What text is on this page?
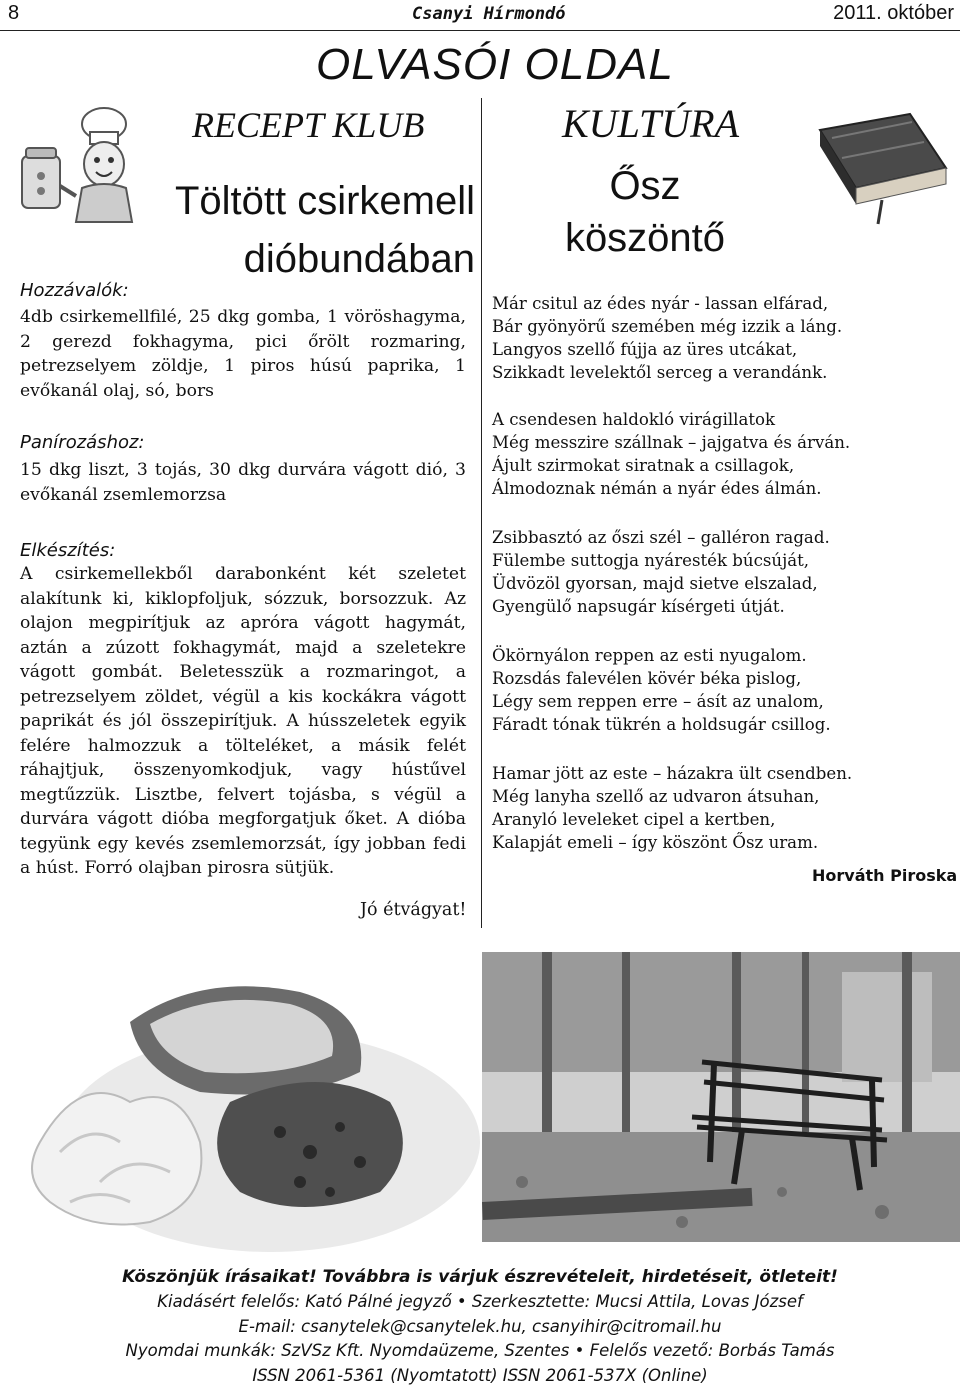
8	Csanyi Hírmondó	2011. október
OLVASÓI OLDAL
RECEPT KLUB	KULTÚRA
Töltött csirkemell
dióbundában
Ősz
köszöntő
Hozzávalók:
4db csirkemellfilé, 25 dkg gomba, 1 vöröshagyma, 2 gerezd fokhagyma, pici őrölt rozmaring, petrezselyem zöldje, 1 piros húsú paprika, 1 evőkanál olaj, só, bors
Panírozáshoz:
15 dkg liszt, 3 tojás, 30 dkg durvára vágott dió, 3 evőkanál zsemlemorzsa
Elkészítés:
A csirkemellekből darabonként két szeletet alakítunk ki, kiklopfoljuk, sózzuk, borsozzuk. Az olajon megpirítjuk az apróra vágott hagymát, aztán a zúzott fokhagymát, majd a szeletekre vágott gombát. Beletesszük a rozmaringot, a petrezselyem zöldet, végül a kis kockákra vágott paprikát és jól összepirítjuk. A hússzeletek egyik felére halmozzuk a tölteléket, a másik felét ráhajtjuk, összenyomkodjuk, vagy hústűvel megtűzzük. Lisztbe, felvert tojásba, s végül a durvára vágott dióba megforgatjuk őket. A dióba tegyünk egy kevés zsemlemorzsát, így jobban fedi a húst. Forró olajban pirosra sütjük.
Jó étvágyat!
Már csitul az édes nyár - lassan elfárad,
Bár gyönyörű szemében még izzik a láng.
Langyos szellő fújja az üres utcákat,
Szikkadt levelektől serceg a verandánk.
A csendesen haldokló virágillatok
Még messzire szállnak – jajgatva és árván.
Ájult szirmokat siratnak a csillagok,
Álmodoznak némán a nyár édes álmán.
Zsibbasztó az őszi szél – galléron ragad.
Fülembe suttogja nyáresték búcsúját,
Üdvözöl gyorsan, majd sietve elszalad,
Gyengülő napsugár kísérgeti útját.
Ökörnyálon reppen az esti nyugalom.
Rozsdás falevélen kövér béka pislog,
Légy sem reppen erre – ásít az unalom,
Fáradt tónak tükrén a holdsugár csillog.
Hamar jött az este – házakra ült csendben.
Még lanyha szellő az udvaron átsuhan,
Aranyló leveleket cipel a kertben,
Kalapját emeli – így köszönt Ősz uram.
Horváth Piroska
Köszönjük írásaikat! Továbbra is várjuk észrevételeit, hirdetéseit, ötleteit!
Kiadásért felelős: Kató Pálné jegyző • Szerkesztette: Mucsi Attila, Lovas József
E-mail: csanytelek@csanytelek.hu, csanyihir@citromail.hu
Nyomdai munkák: SzVSz Kft. Nyomdaüzeme, Szentes • Felelős vezető: Borbás Tamás
ISSN 2061-5361 (Nyomtatott) ISSN 2061-537X (Online)
